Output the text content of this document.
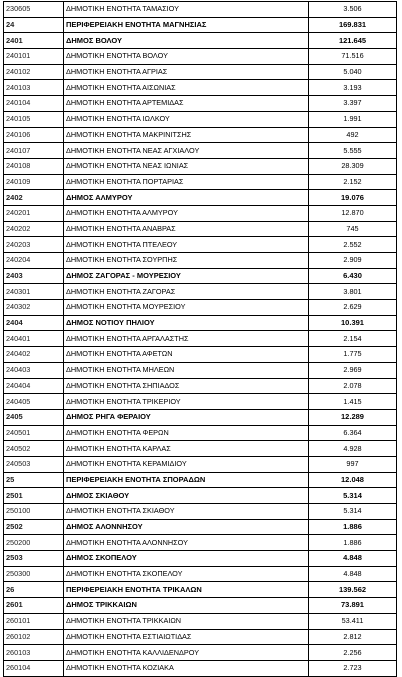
230605	ΔΗΜΟΤΙΚΗ ΕΝΟΤΗΤΑ ΤΑΜΑΣΙΟΥ	3.506
24	ΠΕΡΙΦΕΡΕΙΑΚΗ ΕΝΟΤΗΤΑ ΜΑΓΝΗΣΙΑΣ	169.831
2401	ΔΗΜΟΣ ΒΟΛΟΥ	121.645
240101	ΔΗΜΟΤΙΚΗ ΕΝΟΤΗΤΑ ΒΟΛΟΥ	71.516
240102	ΔΗΜΟΤΙΚΗ ΕΝΟΤΗΤΑ ΑΓΡΙΑΣ	5.040
240103	ΔΗΜΟΤΙΚΗ ΕΝΟΤΗΤΑ ΑΙΣΩΝΙΑΣ	3.193
240104	ΔΗΜΟΤΙΚΗ ΕΝΟΤΗΤΑ ΑΡΤΕΜΙΔΑΣ	3.397
240105	ΔΗΜΟΤΙΚΗ ΕΝΟΤΗΤΑ ΙΩΛΚΟΥ	1.991
240106	ΔΗΜΟΤΙΚΗ ΕΝΟΤΗΤΑ ΜΑΚΡΙΝΙΤΣΗΣ	492
240107	ΔΗΜΟΤΙΚΗ ΕΝΟΤΗΤΑ ΝΕΑΣ ΑΓΧΙΑΛΟΥ	5.555
240108	ΔΗΜΟΤΙΚΗ ΕΝΟΤΗΤΑ ΝΕΑΣ ΙΩΝΙΑΣ	28.309
240109	ΔΗΜΟΤΙΚΗ ΕΝΟΤΗΤΑ ΠΟΡΤΑΡΙΑΣ	2.152
2402	ΔΗΜΟΣ ΑΛΜΥΡΟΥ	19.076
240201	ΔΗΜΟΤΙΚΗ ΕΝΟΤΗΤΑ ΑΛΜΥΡΟΥ	12.870
240202	ΔΗΜΟΤΙΚΗ ΕΝΟΤΗΤΑ ΑΝΑΒΡΑΣ	745
240203	ΔΗΜΟΤΙΚΗ ΕΝΟΤΗΤΑ ΠΤΕΛΕΟΥ	2.552
240204	ΔΗΜΟΤΙΚΗ ΕΝΟΤΗΤΑ ΣΟΥΡΠΗΣ	2.909
2403	ΔΗΜΟΣ ΖΑΓΟΡΑΣ - ΜΟΥΡΕΣΙΟΥ	6.430
240301	ΔΗΜΟΤΙΚΗ ΕΝΟΤΗΤΑ ΖΑΓΟΡΑΣ	3.801
240302	ΔΗΜΟΤΙΚΗ ΕΝΟΤΗΤΑ ΜΟΥΡΕΣΙΟΥ	2.629
2404	ΔΗΜΟΣ ΝΟΤΙΟΥ ΠΗΛΙΟΥ	10.391
240401	ΔΗΜΟΤΙΚΗ ΕΝΟΤΗΤΑ ΑΡΓΑΛΑΣΤΗΣ	2.154
240402	ΔΗΜΟΤΙΚΗ ΕΝΟΤΗΤΑ ΑΦΕΤΩΝ	1.775
240403	ΔΗΜΟΤΙΚΗ ΕΝΟΤΗΤΑ ΜΗΛΕΩΝ	2.969
240404	ΔΗΜΟΤΙΚΗ ΕΝΟΤΗΤΑ ΣΗΠΙΑΔΟΣ	2.078
240405	ΔΗΜΟΤΙΚΗ ΕΝΟΤΗΤΑ ΤΡΙΚΕΡΙΟΥ	1.415
2405	ΔΗΜΟΣ ΡΗΓΑ ΦΕΡΑΙΟΥ	12.289
240501	ΔΗΜΟΤΙΚΗ ΕΝΟΤΗΤΑ ΦΕΡΩΝ	6.364
240502	ΔΗΜΟΤΙΚΗ ΕΝΟΤΗΤΑ ΚΑΡΛΑΣ	4.928
240503	ΔΗΜΟΤΙΚΗ ΕΝΟΤΗΤΑ ΚΕΡΑΜΙΔΙΟΥ	997
25	ΠΕΡΙΦΕΡΕΙΑΚΗ ΕΝΟΤΗΤΑ ΣΠΟΡΑΔΩΝ	12.048
2501	ΔΗΜΟΣ ΣΚΙΑΘΟΥ	5.314
250100	ΔΗΜΟΤΙΚΗ ΕΝΟΤΗΤΑ ΣΚΙΑΘΟΥ	5.314
2502	ΔΗΜΟΣ ΑΛΟΝΝΗΣΟΥ	1.886
250200	ΔΗΜΟΤΙΚΗ ΕΝΟΤΗΤΑ ΑΛΟΝΝΗΣΟΥ	1.886
2503	ΔΗΜΟΣ ΣΚΟΠΕΛΟΥ	4.848
250300	ΔΗΜΟΤΙΚΗ ΕΝΟΤΗΤΑ ΣΚΟΠΕΛΟΥ	4.848
26	ΠΕΡΙΦΕΡΕΙΑΚΗ ΕΝΟΤΗΤΑ ΤΡΙΚΑΛΩΝ	139.562
2601	ΔΗΜΟΣ ΤΡΙΚΚΑΙΩΝ	73.891
260101	ΔΗΜΟΤΙΚΗ ΕΝΟΤΗΤΑ ΤΡΙΚΚΑΙΩΝ	53.411
260102	ΔΗΜΟΤΙΚΗ ΕΝΟΤΗΤΑ ΕΣΤΙΑΙΩΤΙΔΑΣ	2.812
260103	ΔΗΜΟΤΙΚΗ ΕΝΟΤΗΤΑ ΚΑΛΛΙΔΕΝΔΡΟΥ	2.256
260104	ΔΗΜΟΤΙΚΗ ΕΝΟΤΗΤΑ ΚΟΖΙΑΚΑ	2.723
